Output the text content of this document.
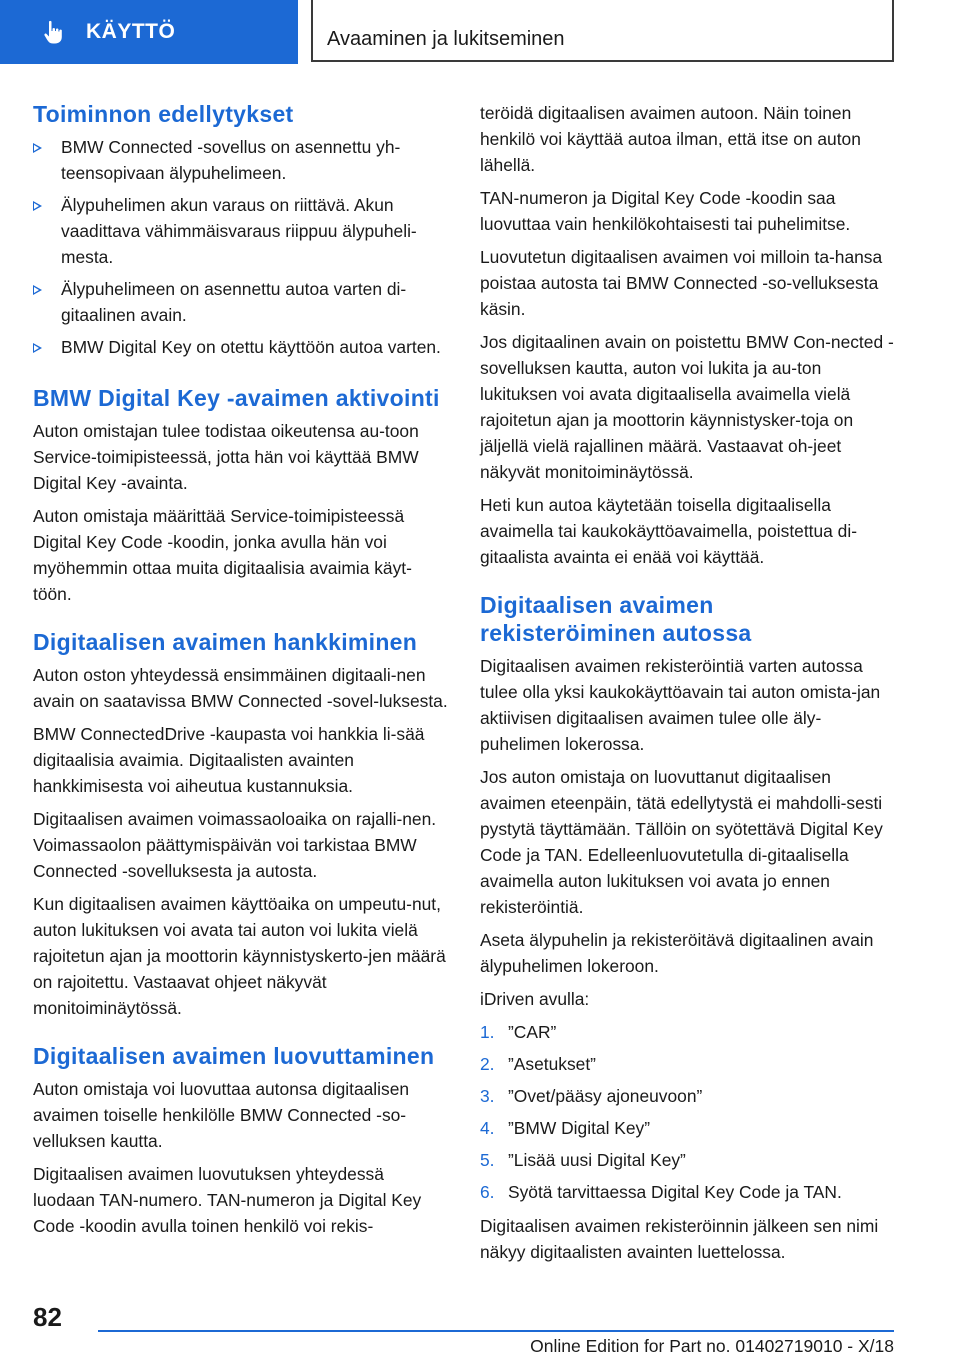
KÄYTTÖ	Avaaminen ja lukitseminen
Toiminnon edellytykset
BMW Connected -sovellus on asennettu yh-teensopivaan älypuhelimeen.
Älypuhelimen akun varaus on riittävä. Akun vaadittava vähimmäisvaraus riippuu älypuheli-mesta.
Älypuhelimeen on asennettu autoa varten di-gitaalinen avain.
BMW Digital Key on otettu käyttöön autoa varten.
BMW Digital Key -avaimen aktivointi

Auton omistajan tulee todistaa oikeutensa au-toon Service-toimipisteessä, jotta hän voi käyttää BMW Digital Key -avainta.

Auton omistaja määrittää Service-toimipisteessä Digital Key Code -koodin, jonka avulla hän voi myöhemmin ottaa muita digitaalisia avaimia käyt-töön.

Digitaalisen avaimen hankkiminen

Auton oston yhteydessä ensimmäinen digitaali-nen avain on saatavissa BMW Connected -sovel-luksesta.

BMW ConnectedDrive -kaupasta voi hankkia li-sää digitaalisia avaimia. Digitaalisten avainten hankkimisesta voi aiheutua kustannuksia.

Digitaalisen avaimen voimassaoloaika on rajalli-nen. Voimassaolon päättymispäivän voi tarkistaa BMW Connected -sovelluksesta ja autosta.

Kun digitaalisen avaimen käyttöaika on umpeutu-nut, auton lukituksen voi avata tai auton voi lukita vielä rajoitetun ajan ja moottorin käynnistyskerto-jen määrä on rajoitettu. Vastaavat ohjeet näkyvät monitoiminäytössä.

Digitaalisen avaimen luovuttaminen

Auton omistaja voi luovuttaa autonsa digitaalisen avaimen toiselle henkilölle BMW Connected -so-velluksen kautta.

Digitaalisen avaimen luovutuksen yhteydessä luodaan TAN-numero. TAN-numeron ja Digital Key Code -koodin avulla toinen henkilö voi rekis-

teröidä digitaalisen avaimen autoon. Näin toinen henkilö voi käyttää autoa ilman, että itse on auton lähellä.

TAN-numeron ja Digital Key Code -koodin saa luovuttaa vain henkilökohtaisesti tai puhelimitse.

Luovutetun digitaalisen avaimen voi milloin ta-hansa poistaa autosta tai BMW Connected -so-velluksesta käsin.

Jos digitaalinen avain on poistettu BMW Con-nected -sovelluksen kautta, auton voi lukita ja au-ton lukituksen voi avata digitaalisella avaimella vielä rajoitetun ajan ja moottorin käynnistysker-toja on jäljellä vielä rajallinen määrä. Vastaavat oh-jeet näkyvät monitoiminäytössä.

Heti kun autoa käytetään toisella digitaalisella avaimella tai kaukokäyttöavaimella, poistettua di-gitaalista avainta ei enää voi käyttää.

Digitaalisen avaimen
rekisteröiminen autossa

Digitaalisen avaimen rekisteröintiä varten autossa tulee olla yksi kaukokäyttöavain tai auton omista-jan aktiivisen digitaalisen avaimen tulee olle äly-puhelimen lokerossa.

Jos auton omistaja on luovuttanut digitaalisen avaimen eteenpäin, tätä edellytystä ei mahdolli-sesti pystytä täyttämään. Tällöin on syötettävä Digital Key Code ja TAN. Edelleenluovutetulla di-gitaalisella avaimella auton lukituksen voi avata jo ennen rekisteröintiä.

Aseta älypuhelin ja rekisteröitävä digitaalinen avain älypuhelimen lokeroon.

iDriven avulla:

1. ”CAR”
2. ”Asetukset”
3. ”Ovet/pääsy ajoneuvoon”
4. ”BMW Digital Key”
5. ”Lisää uusi Digital Key”
6. Syötä tarvittaessa Digital Key Code ja TAN.

Digitaalisen avaimen rekisteröinnin jälkeen sen nimi näkyy digitaalisten avainten luettelossa.

82
Online Edition for Part no. 01402719010 - X/18
